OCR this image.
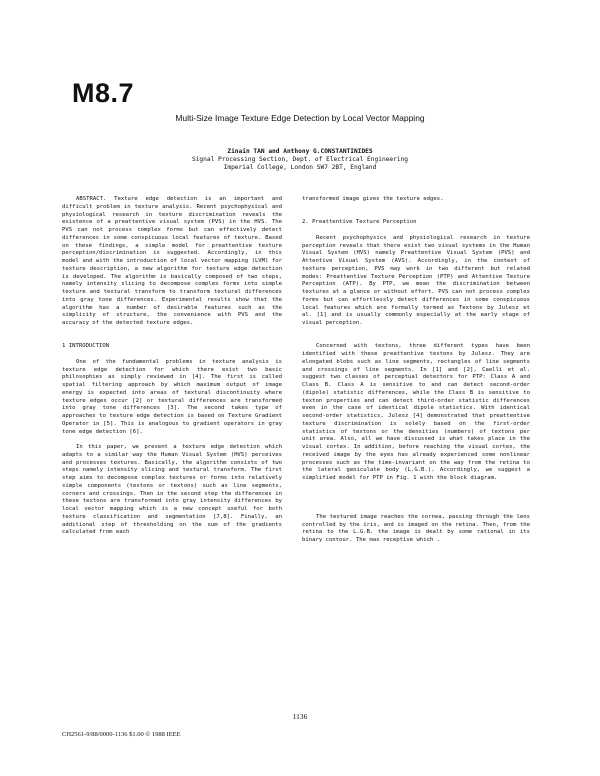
M8.7
Multi-Size Image Texture Edge Detection by Local Vector Mapping
Zinain TAN and Anthony G.CONSTANTINIDES
Signal Processing Section, Dept. of Electrical Engineering
Imperial College, London SW7 2BT, England

ABSTRACT. Texture edge detection is an important and difficult problem in texture analysis. Recent psychophysical and physiological research in texture discrimination reveals the existence of a preattentive visual system (PVS) in the HVS. The PVS can not process complex forms but can effectively detect differences in some conspicuous local features of texture. Based on these findings, a simple model for preattentive texture perception/discrimination is suggested. Accordingly, in this model and with the introduction of local vector mapping (LVM) for texture description, a new algorithm for texture edge detection is developed. The algorithm is basically composed of two steps, namely intensity slicing to decompose complex forms into simple texture and textural transform to transform textural differences into gray tone differences. Experimental results show that the algorithm has a number of desirable features such as the simplicity of structure, the convenience with PVS and the accuracy of the detected texture edges.

1 INTRODUCTION

One of the fundamental problems in texture analysis is texture edge detection for which there exist two basic philosophies as simply reviewed in [4]. The first is called spatial filtering approach by which maximum output of image energy is expected into areas of textural discontinuity where texture edges occur [2] or textural differences are transformed into gray tone differences [3]. The second takes type of approaches to texture edge detection is based on Texture Gradient Operator in [5]. This is analogous to gradient operators in gray tone edge detection [6].

In this paper, we present a texture edge detection which adapts to a similar way the Human Visual System (HVS) perceives and processes textures. Basically, the algorithm consists of two steps namely intensity slicing and textural transform. The first step aims to decompose complex textures or forms into relatively simple components (textons or textons) such as line segments, corners and crossings. Then in the second step the differences in these textons are transformed into gray intensity differences by local vector mapping which is a new concept useful for both texture classification and segmentation [7,8]. Finally, an additional step of thresholding on the sum of the gradients calculated from each

transformed image gives the texture edges.

2. Preattentive Texture Perception

Recent psychophysics and physiological research in texture perception reveals that there exist two visual systems in the Human Visual System (HVS) namely Preattentive Visual System (PVS) and Attentive Visual System (AVS). Accordingly, in the context of texture perception, PVS may work in two different but related modes: Preattentive Texture Perception (PTP) and Attentive Texture Perception (ATP). By PTP, we mean the discrimination between textures at a glance or without effort. PVS can not process complex forms but can effortlessly detect differences in some conspicuous local features which are formally termed as Textons by Julesz et al. [1] and is usually commonly especially at the early stage of visual perception.

Concerned with textons, three different types have been identified with these preattentive textons by Julesz. They are elongated blobs such as line segments, rectangles of line segments and crossings of line segments. In [1] and [2], Caelli et al. suggest two classes of perceptual detectors for PTP: Class A and Class B. Class A is sensitive to and can detect second-order (dipole) statistic differences, while the Class B is sensitive to texton properties and can detect third-order statistic differences even in the case of identical dipole statistics. With identical second-order statistics, Julesz [4] demonstrated that preattentive texture discrimination is solely based on the first-order statistics of textons or the densities (numbers) of textons per unit area. Also, all we have discussed is what takes place in the visual cortex. In addition, before reaching the visual cortex, the received image by the eyes has already experienced some nonlinear processes such as the time-invariant on the way from the retina to the lateral geniculate body (L.G.B.). Accordingly, we suggest a simplified model for PTP in Fig. 1 with the block diagram.

The textured image reaches the cornea, passing through the lens controlled by the iris, and is imaged on the retina. Then, from the retina to the L.G.B. the image is dealt by some rational in its binary contour. The max receptive which .

1136
CH2561-9/88/0000-1136 $1.00 © 1988 IEEE
